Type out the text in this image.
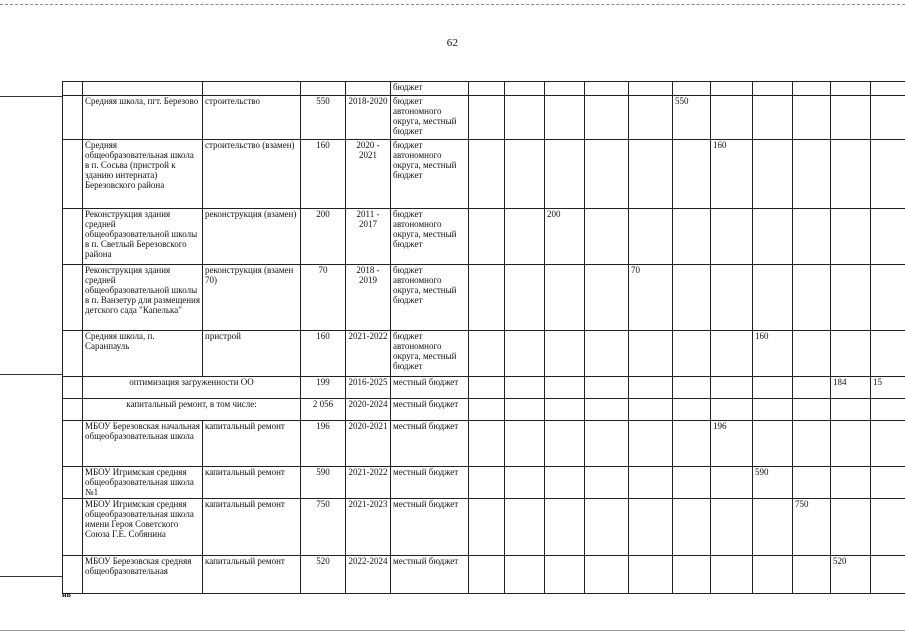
62
					бюджет											
	Средняя школа, пгт. Березово	строительство	550	2018-2020	бюджет автономного округа, местный бюджет						550					
	Средняя общеобразовательная школа в п. Сосьва (пристрой к зданию интерната) Березовского района	строительство (взамен)	160	2020 - 2021	бюджет автономного округа, местный бюджет							160				
	Реконструкция здания средней общеобразовательной школы в п. Светлый Березовского района	реконструкция (взамен)	200	2011 - 2017	бюджет автономного округа, местный бюджет			200								
	Реконструкция здания средней общеобразовательной школы в п. Ванзетур для размещения детского сада "Капелька"	реконструкция (взамен 70)	70	2018 - 2019	бюджет автономного округа, местный бюджет					70						
	Средняя школа, п. Саранпауль	пристрой	160	2021-2022	бюджет автономного округа, местный бюджет								160			
	оптимизация загруженности ОО		199	2016-2025	местный бюджет										184	15
	капитальный ремонт, в том числе:		2 056	2020-2024	местный бюджет											
	МБОУ Березовская начальная общеобразовательная школа	капитальный ремонт	196	2020-2021	местный бюджет							196				
	МБОУ Игримская средняя общеобразовательная школа №1	капитальный ремонт	590	2021-2022	местный бюджет								590			
	МБОУ Игримская средняя общеобразовательная школа имени Героя Советского Союза Г.Е. Собянина	капитальный ремонт	750	2021-2023	местный бюджет									750		
	МБОУ Березовская средняя общеобразовательная	капитальный ремонт	520	2022-2024	местный бюджет										520	
нв
